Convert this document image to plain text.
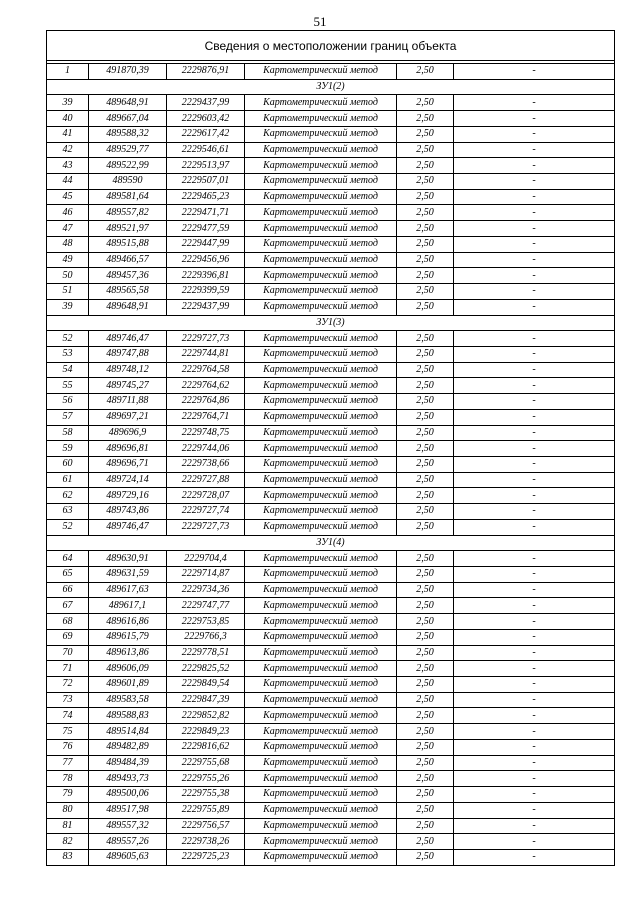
51
Сведения о местоположении границ объекта					

1	491870,39	2229876,91	Картометрический метод	2,50	-
ЗУ1(2)					
39	489648,91	2229437,99	Картометрический метод	2,50	-
40	489667,04	2229603,42	Картометрический метод	2,50	-
41	489588,32	2229617,42	Картометрический метод	2,50	-
42	489529,77	2229546,61	Картометрический метод	2,50	-
43	489522,99	2229513,97	Картометрический метод	2,50	-
44	489590	2229507,01	Картометрический метод	2,50	-
45	489581,64	2229465,23	Картометрический метод	2,50	-
46	489557,82	2229471,71	Картометрический метод	2,50	-
47	489521,97	2229477,59	Картометрический метод	2,50	-
48	489515,88	2229447,99	Картометрический метод	2,50	-
49	489466,57	2229456,96	Картометрический метод	2,50	-
50	489457,36	2229396,81	Картометрический метод	2,50	-
51	489565,58	2229399,59	Картометрический метод	2,50	-
39	489648,91	2229437,99	Картометрический метод	2,50	-
ЗУ1(3)					
52	489746,47	2229727,73	Картометрический метод	2,50	-
53	489747,88	2229744,81	Картометрический метод	2,50	-
54	489748,12	2229764,58	Картометрический метод	2,50	-
55	489745,27	2229764,62	Картометрический метод	2,50	-
56	489711,88	2229764,86	Картометрический метод	2,50	-
57	489697,21	2229764,71	Картометрический метод	2,50	-
58	489696,9	2229748,75	Картометрический метод	2,50	-
59	489696,81	2229744,06	Картометрический метод	2,50	-
60	489696,71	2229738,66	Картометрический метод	2,50	-
61	489724,14	2229727,88	Картометрический метод	2,50	-
62	489729,16	2229728,07	Картометрический метод	2,50	-
63	489743,86	2229727,74	Картометрический метод	2,50	-
52	489746,47	2229727,73	Картометрический метод	2,50	-
ЗУ1(4)					
64	489630,91	2229704,4	Картометрический метод	2,50	-
65	489631,59	2229714,87	Картометрический метод	2,50	-
66	489617,63	2229734,36	Картометрический метод	2,50	-
67	489617,1	2229747,77	Картометрический метод	2,50	-
68	489616,86	2229753,85	Картометрический метод	2,50	-
69	489615,79	2229766,3	Картометрический метод	2,50	-
70	489613,86	2229778,51	Картометрический метод	2,50	-
71	489606,09	2229825,52	Картометрический метод	2,50	-
72	489601,89	2229849,54	Картометрический метод	2,50	-
73	489583,58	2229847,39	Картометрический метод	2,50	-
74	489588,83	2229852,82	Картометрический метод	2,50	-
75	489514,84	2229849,23	Картометрический метод	2,50	-
76	489482,89	2229816,62	Картометрический метод	2,50	-
77	489484,39	2229755,68	Картометрический метод	2,50	-
78	489493,73	2229755,26	Картометрический метод	2,50	-
79	489500,06	2229755,38	Картометрический метод	2,50	-
80	489517,98	2229755,89	Картометрический метод	2,50	-
81	489557,32	2229756,57	Картометрический метод	2,50	-
82	489557,26	2229738,26	Картометрический метод	2,50	-
83	489605,63	2229725,23	Картометрический метод	2,50	-
